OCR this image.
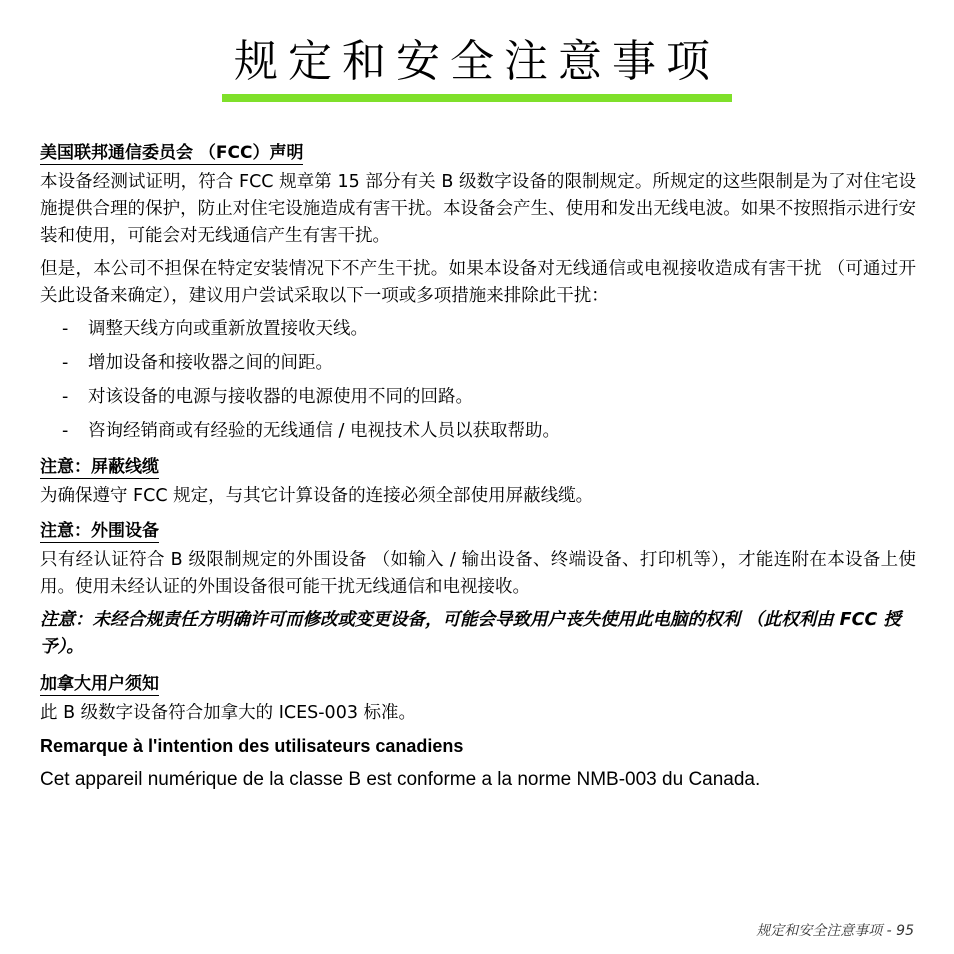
规定和安全注意事项
美国联邦通信委员会 （FCC）声明
本设备经测试证明，符合 FCC 规章第 15 部分有关 B 级数字设备的限制规定。所规定的这些限制是为了对住宅设施提供合理的保护，防止对住宅设施造成有害干扰。本设备会产生、使用和发出无线电波。如果不按照指示进行安装和使用，可能会对无线通信产生有害干扰。
但是，本公司不担保在特定安装情况下不产生干扰。如果本设备对无线通信或电视接收造成有害干扰 （可通过开关此设备来确定），建议用户尝试采取以下一项或多项措施来排除此干扰：
- 调整天线方向或重新放置接收天线。
- 增加设备和接收器之间的间距。
- 对该设备的电源与接收器的电源使用不同的回路。
- 咨询经销商或有经验的无线通信 / 电视技术人员以获取帮助。
注意：屏蔽线缆
为确保遵守 FCC 规定，与其它计算设备的连接必须全部使用屏蔽线缆。
注意：外围设备
只有经认证符合 B 级限制规定的外围设备 （如输入 / 输出设备、终端设备、打印机等），才能连附在本设备上使用。使用未经认证的外围设备很可能干扰无线通信和电视接收。
注意：未经合规责任方明确许可而修改或变更设备，可能会导致用户丧失使用此电脑的权利 （此权利由 FCC 授予）。
加拿大用户须知
此 B 级数字设备符合加拿大的 ICES-003 标准。
Remarque à l'intention des utilisateurs canadiens
Cet appareil numérique de la classe B est conforme a la norme NMB-003 du Canada.
规定和安全注意事项 - 95
